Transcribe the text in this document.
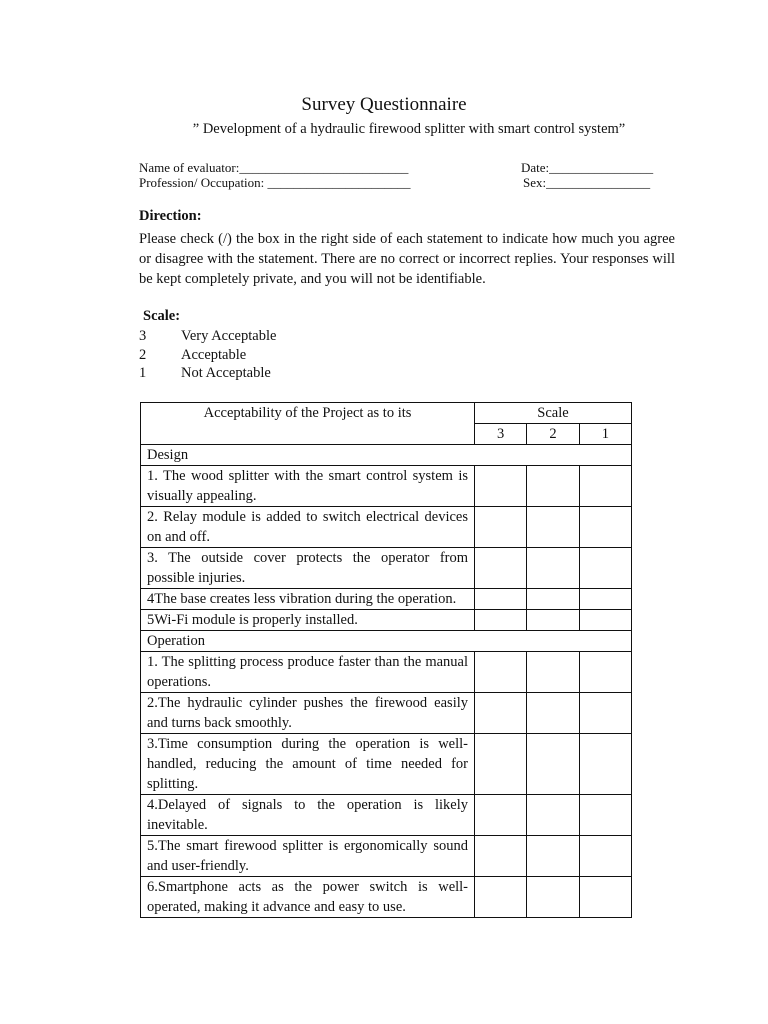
Survey Questionnaire
” Development of a hydraulic firewood splitter with smart control system”
Name of evaluator:__________________________
Profession/ Occupation: ______________________
Date:________________
Sex:________________
Direction:
Please check (/) the box in the right side of each statement to indicate how much you agree or disagree with the statement. There are no correct or incorrect replies. Your responses will be kept completely private, and you will not be identifiable.
Scale:
3 Very Acceptable
2 Acceptable
1 Not Acceptable
Acceptability of the Project as to its	Scale		
	3	2	1
Design			
1. The wood splitter with the smart control system is visually appealing.			
2. Relay module is added to switch electrical devices on and off.			
3. The outside cover protects the operator from possible injuries.			
4The base creates less vibration during the operation.			
5Wi-Fi module is properly installed.			
Operation			
1. The splitting process produce faster than the manual operations.			
2.The hydraulic cylinder pushes the firewood easily and turns back smoothly.			
3.Time consumption during the operation is well-handled, reducing the amount of time needed for splitting.			
4.Delayed of signals to the operation is likely inevitable.			
5.The smart firewood splitter is ergonomically sound and user-friendly.			
6.Smartphone acts as the power switch is well-operated, making it advance and easy to use.			
